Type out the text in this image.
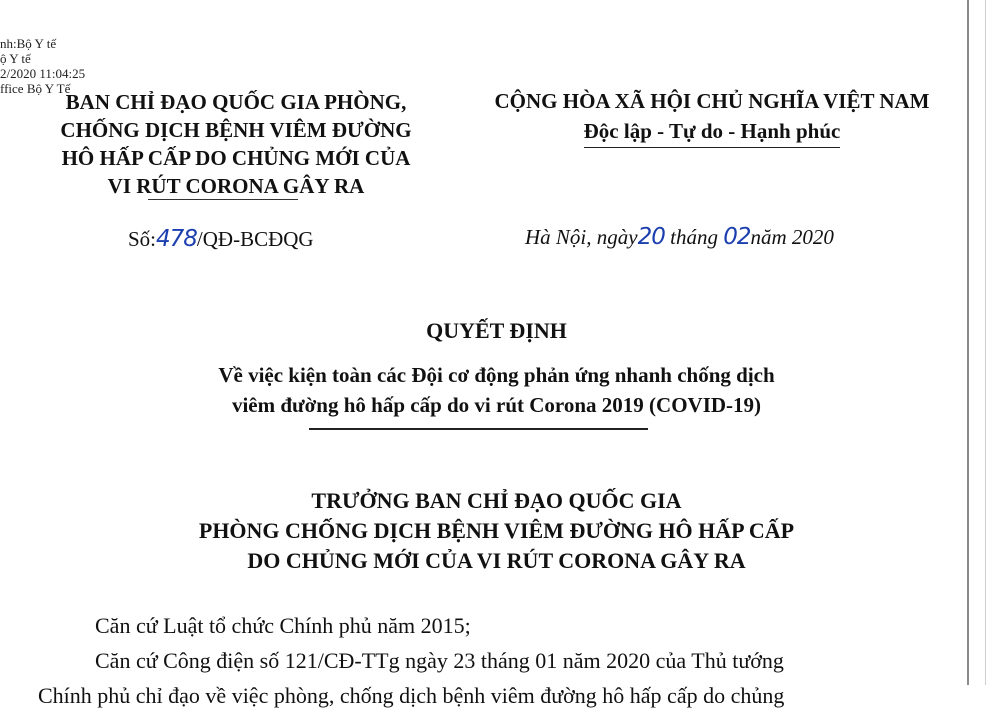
nh:Bộ Y tế
ộ Y tế
2/2020 11:04:25
ffice Bộ Y Tế
BAN CHỈ ĐẠO QUỐC GIA PHÒNG,
CHỐNG DỊCH BỆNH VIÊM ĐƯỜNG
HÔ HẤP CẤP DO CHỦNG MỚI CỦA
VI RÚT CORONA GÂY RA
CỘNG HÒA XÃ HỘI CHỦ NGHĨA VIỆT NAM
Độc lập - Tự do - Hạnh phúc
Số:478/QĐ-BCĐQG	Hà Nội, ngày20 tháng 02năm 2020
QUYẾT ĐỊNH
Về việc kiện toàn các Đội cơ động phản ứng nhanh chống dịch
viêm đường hô hấp cấp do vi rút Corona 2019 (COVID-19)
TRƯỞNG BAN CHỈ ĐẠO QUỐC GIA
PHÒNG CHỐNG DỊCH BỆNH VIÊM ĐƯỜNG HÔ HẤP CẤP
DO CHỦNG MỚI CỦA VI RÚT CORONA GÂY RA

Căn cứ Luật tổ chức Chính phủ năm 2015;

Căn cứ Công điện số 121/CĐ-TTg ngày 23 tháng 01 năm 2020 của Thủ tướng

Chính phủ chỉ đạo về việc phòng, chống dịch bệnh viêm đường hô hấp cấp do chủng
